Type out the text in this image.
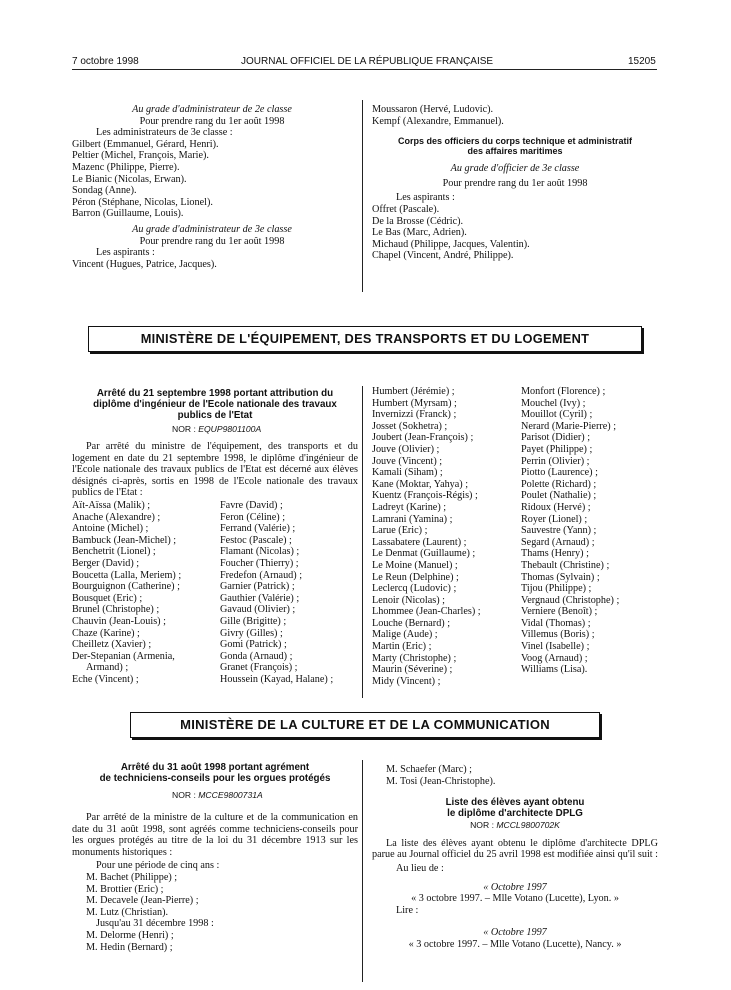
7 octobre 1998	JOURNAL OFFICIEL DE LA RÉPUBLIQUE FRANÇAISE	15205
Au grade d'administrateur de 2e classe
Pour prendre rang du 1er août 1998
Les administrateurs de 3e classe :
Gilbert (Emmanuel, Gérard, Henri).
Peltier (Michel, François, Marie).
Mazenc (Philippe, Pierre).
Le Bianic (Nicolas, Erwan).
Sondag (Anne).
Péron (Stéphane, Nicolas, Lionel).
Barron (Guillaume, Louis).
Au grade d'administrateur de 3e classe
Pour prendre rang du 1er août 1998
Les aspirants :
Vincent (Hugues, Patrice, Jacques).
Moussaron (Hervé, Ludovic).
Kempf (Alexandre, Emmanuel).
Corps des officiers du corps technique et administratif
des affaires maritimes
Au grade d'officier de 3e classe
Pour prendre rang du 1er août 1998
Les aspirants :
Offret (Pascale).
De la Brosse (Cédric).
Le Bas (Marc, Adrien).
Michaud (Philippe, Jacques, Valentin).
Chapel (Vincent, André, Philippe).
MINISTÈRE DE L'ÉQUIPEMENT, DES TRANSPORTS ET DU LOGEMENT
Arrêté du 21 septembre 1998 portant attribution du
diplôme d'ingénieur de l'Ecole nationale des travaux
publics de l'Etat
NOR : EQUP9801100A
Par arrêté du ministre de l'équipement, des transports et du logement en date du 21 septembre 1998, le diplôme d'ingénieur de l'Ecole nationale des travaux publics de l'Etat est décerné aux élèves désignés ci-après, sortis en 1998 de l'Ecole nationale des travaux publics de l'Etat :
Aït-Aïssa (Malik) ;
Anache (Alexandre) ;
Antoine (Michel) ;
Bambuck (Jean-Michel) ;
Benchetrit (Lionel) ;
Berger (David) ;
Boucetta (Lalla, Meriem) ;
Bourguignon (Catherine) ;
Bousquet (Eric) ;
Brunel (Christophe) ;
Chauvin (Jean-Louis) ;
Chaze (Karine) ;
Cheilletz (Xavier) ;
Der-Stepanian (Armenia,
Armand) ;
Eche (Vincent) ;
Favre (David) ;
Feron (Céline) ;
Ferrand (Valérie) ;
Festoc (Pascale) ;
Flamant (Nicolas) ;
Foucher (Thierry) ;
Fredefon (Arnaud) ;
Garnier (Patrick) ;
Gauthier (Valérie) ;
Gavaud (Olivier) ;
Gille (Brigitte) ;
Givry (Gilles) ;
Gomi (Patrick) ;
Gonda (Arnaud) ;
Granet (François) ;
Houssein (Kayad, Halane) ;
Humbert (Jérémie) ;
Humbert (Myrsam) ;
Invernizzi (Franck) ;
Josset (Sokhetra) ;
Joubert (Jean-François) ;
Jouve (Olivier) ;
Jouve (Vincent) ;
Kamali (Siham) ;
Kane (Moktar, Yahya) ;
Kuentz (François-Régis) ;
Ladreyt (Karine) ;
Lamrani (Yamina) ;
Larue (Eric) ;
Lassabatere (Laurent) ;
Le Denmat (Guillaume) ;
Le Moine (Manuel) ;
Le Reun (Delphine) ;
Leclercq (Ludovic) ;
Lenoir (Nicolas) ;
Lhommee (Jean-Charles) ;
Louche (Bernard) ;
Malige (Aude) ;
Martin (Eric) ;
Marty (Christophe) ;
Maurin (Séverine) ;
Midy (Vincent) ;
Monfort (Florence) ;
Mouchel (Ivy) ;
Mouillot (Cyril) ;
Nerard (Marie-Pierre) ;
Parisot (Didier) ;
Payet (Philippe) ;
Perrin (Olivier) ;
Piotto (Laurence) ;
Polette (Richard) ;
Poulet (Nathalie) ;
Ridoux (Hervé) ;
Royer (Lionel) ;
Sauvestre (Yann) ;
Segard (Arnaud) ;
Thams (Henry) ;
Thebault (Christine) ;
Thomas (Sylvain) ;
Tijou (Philippe) ;
Vergnaud (Christophe) ;
Verniere (Benoît) ;
Vidal (Thomas) ;
Villemus (Boris) ;
Vinel (Isabelle) ;
Voog (Arnaud) ;
Williams (Lisa).
MINISTÈRE DE LA CULTURE ET DE LA COMMUNICATION
Arrêté du 31 août 1998 portant agrément
de techniciens-conseils pour les orgues protégés
NOR : MCCE9800731A
Par arrêté de la ministre de la culture et de la communication en date du 31 août 1998, sont agréés comme techniciens-conseils pour les orgues protégés au titre de la loi du 31 décembre 1913 sur les monuments historiques :
Pour une période de cinq ans :
M. Bachet (Philippe) ;
M. Brottier (Eric) ;
M. Decavele (Jean-Pierre) ;
M. Lutz (Christian).
Jusqu'au 31 décembre 1998 :
M. Delorme (Henri) ;
M. Hedin (Bernard) ;
M. Schaefer (Marc) ;
M. Tosi (Jean-Christophe).
Liste des élèves ayant obtenu
le diplôme d'architecte DPLG
NOR : MCCL9800702K
La liste des élèves ayant obtenu le diplôme d'architecte DPLG parue au Journal officiel du 25 avril 1998 est modifiée ainsi qu'il suit :
Au lieu de :
« Octobre 1997
« 3 octobre 1997. – Mlle Votano (Lucette), Lyon. »
Lire :
« Octobre 1997
« 3 octobre 1997. – Mlle Votano (Lucette), Nancy. »
